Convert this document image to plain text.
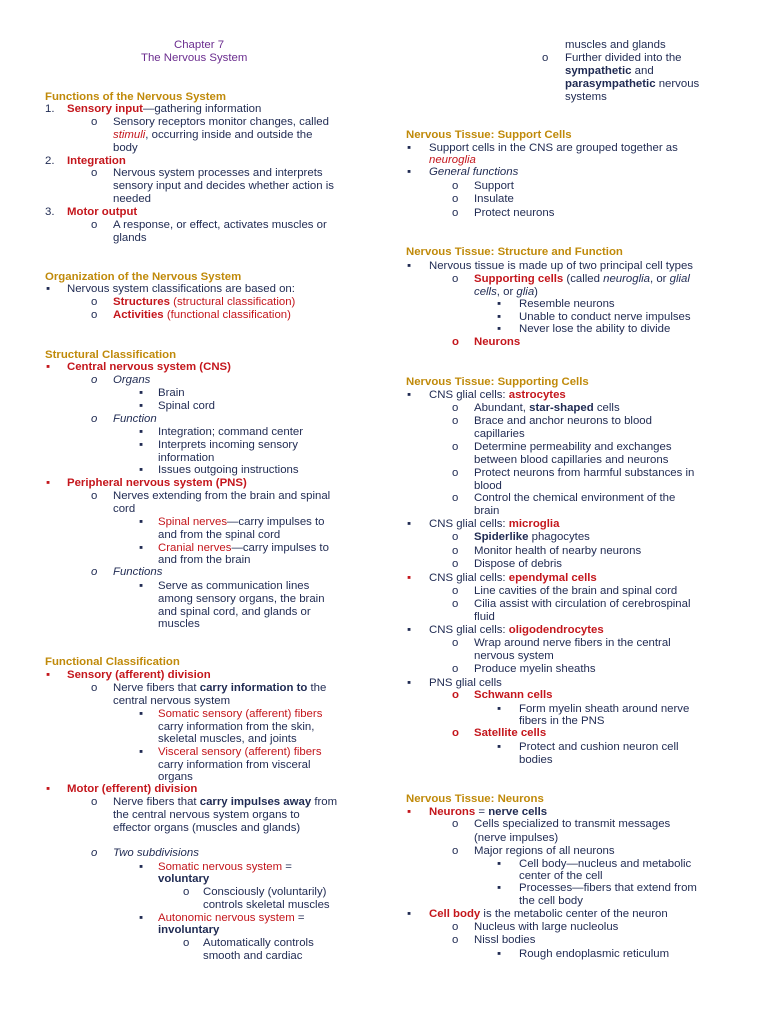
Chapter 7
The Nervous System
Functions of the Nervous System
1. Sensory input—gathering information
o Sensory receptors monitor changes, called
stimuli, occurring inside and outside the
body
2. Integration
o Nervous system processes and interprets
sensory input and decides whether action is
needed
3. Motor output
o A response, or effect, activates muscles or
glands
Organization of the Nervous System
▪ Nervous system classifications are based on:
o Structures (structural classification)
o Activities (functional classification)
Structural Classification
▪ Central nervous system (CNS)
o Organs
▪ Brain
▪ Spinal cord
o Function
▪ Integration; command center
▪ Interprets incoming sensory
information
▪ Issues outgoing instructions
▪ Peripheral nervous system (PNS)
o Nerves extending from the brain and spinal
cord
▪ Spinal nerves—carry impulses to
and from the spinal cord
▪ Cranial nerves—carry impulses to
and from the brain
o Functions
▪ Serve as communication lines
among sensory organs, the brain
and spinal cord, and glands or
muscles
Functional Classification
▪ Sensory (afferent) division
o Nerve fibers that carry information to the
central nervous system
▪ Somatic sensory (afferent) fibers
carry information from the skin,
skeletal muscles, and joints
▪ Visceral sensory (afferent) fibers
carry information from visceral
organs
▪ Motor (efferent) division
o Nerve fibers that carry impulses away from
the central nervous system organs to
effector organs (muscles and glands)
o Two subdivisions
▪ Somatic nervous system =
voluntary
o Consciously (voluntarily)
controls skeletal muscles
▪ Autonomic nervous system =
involuntary
o Automatically controls
smooth and cardiac
muscles and glands
o Further divided into the
sympathetic and
parasympathetic nervous
systems
Nervous Tissue: Support Cells
▪ Support cells in the CNS are grouped together as
neuroglia
▪ General functions
o Support
o Insulate
o Protect neurons
Nervous Tissue: Structure and Function
▪ Nervous tissue is made up of two principal cell types
o Supporting cells (called neuroglia, or glial
cells, or glia)
▪ Resemble neurons
▪ Unable to conduct nerve impulses
▪ Never lose the ability to divide
o Neurons
Nervous Tissue: Supporting Cells
▪ CNS glial cells: astrocytes
o Abundant, star-shaped cells
o Brace and anchor neurons to blood
capillaries
o Determine permeability and exchanges
between blood capillaries and neurons
o Protect neurons from harmful substances in
blood
o Control the chemical environment of the
brain
▪ CNS glial cells: microglia
o Spiderlike phagocytes
o Monitor health of nearby neurons
o Dispose of debris
▪ CNS glial cells: ependymal cells
o Line cavities of the brain and spinal cord
o Cilia assist with circulation of cerebrospinal
fluid
▪ CNS glial cells: oligodendrocytes
o Wrap around nerve fibers in the central
nervous system
o Produce myelin sheaths
▪ PNS glial cells
o Schwann cells
▪ Form myelin sheath around nerve
fibers in the PNS
o Satellite cells
▪ Protect and cushion neuron cell
bodies
Nervous Tissue: Neurons
▪ Neurons = nerve cells
o Cells specialized to transmit messages
(nerve impulses)
o Major regions of all neurons
▪ Cell body—nucleus and metabolic
center of the cell
▪ Processes—fibers that extend from
the cell body
▪ Cell body is the metabolic center of the neuron
o Nucleus with large nucleolus
o Nissl bodies
▪ Rough endoplasmic reticulum
